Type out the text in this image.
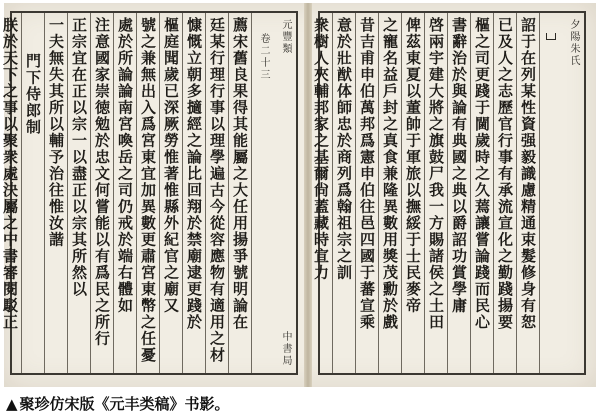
元豐類
卷二十三
中書局
薦宋舊良果得其能屬之大任用揚爭號明論在
廷某行理行事以理學遍古今從容應物有適用之材
慷慨立朝多擿經之論比回翔於禁廟逮更踐於
樞庭聞歲已深厥勞惟著惟縣外紀官之廟又
號之兼無出入爲宮東宜加異數更肅宮東幣之任憂
處於所論論南宮喚岳之司仍戒於端右體如
注意國家崇徳勉於忠文何嘗能以有爲民之所行
正宗宜在正以宗一以盡正以宗其所然以
一夫無失其所以輔予治往惟汝諧
門下侍郎制
朕於天下之事以聚衆處決屬之中書審閱駁正	夕陽朱氏
詔于在列某性資强毅識慮精通束髮修身有恕
已及人之志歷官行事有承流宣化之勤踐揚要
樞之司更踐于閫歲時之久蔫讓嘗論踐而民心
書辭治於與論有典國之典以爵詔功賞學庸
啓兩宇建大將之旗鼓尸我一方賜諸侯之土田
俾茲東夏以董帥于軍旅以撫綏于士民麥帝
之寵名益戶封之真食兼隆異數用獎茂勳於戲
昔吉甫申伯萬邦爲憲申伯往邑四國于蕃宣乘
意於壯猷体師忠於商列爲翰祖宗之訓
衆樹人夾輔邦家之基爾尙蓋藏時宣力
▲ 聚珍仿宋版《元丰类稿》书影。
